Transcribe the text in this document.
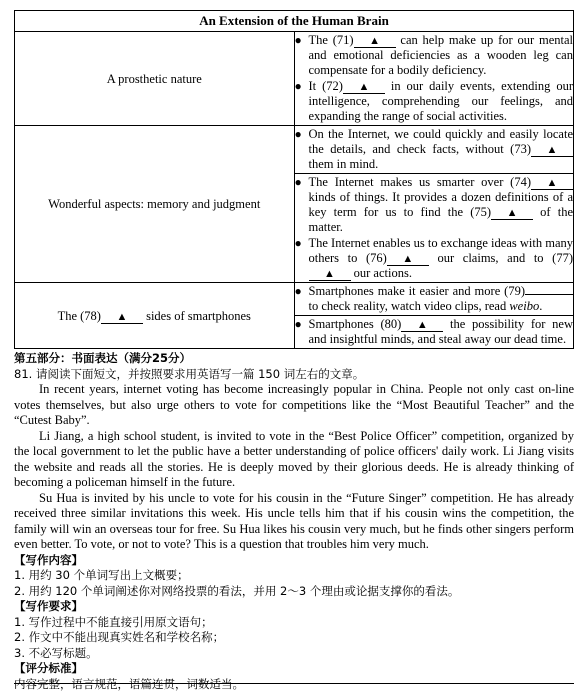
An Extension of the Human Brain	
A prosthetic nature	● The (71) ▲ can help make up for our mental and emotional deficiencies as a wooden leg can compensate for a bodily deficiency.
● It (72) ▲ in our daily events, extending our intelligence, comprehending our feelings, and expanding the range of social activities.

Wonderful aspects: memory and judgment	● On the Internet, we could quickly and easily locate the details, and check facts, without (73) ▲ them in mind.

	● The Internet makes us smarter over (74) ▲ kinds of things. It provides a dozen definitions of a key term for us to find the (75) ▲ of the matter.
● The Internet enables us to exchange ideas with many others to (76) ▲ our claims, and to (77)▲ our actions.

The (78) ▲ sides of smartphones	● Smartphones make it easier and more (79) to check reality, watch video clips, read weibo.

	● Smartphones (80) ▲ the possibility for new and insightful minds, and steal away our dead time.
第五部分：书面表达（满分25分）
81. 请阅读下面短文，并按照要求用英语写一篇 150 词左右的文章。
In recent years, internet voting has become increasingly popular in China. People not only cast on-line votes themselves, but also urge others to vote for competitions like the “Most Beautiful Teacher” and the “Cutest Baby”.
Li Jiang, a high school student, is invited to vote in the “Best Police Officer” competition, organized by the local government to let the public have a better understanding of police officers' daily work. Li Jiang visits the website and reads all the stories. He is deeply moved by their glorious deeds. He is already thinking of becoming a policeman himself in the future.
Su Hua is invited by his uncle to vote for his cousin in the “Future Singer” competition. He has already received three similar invitations this week. His uncle tells him that if his cousin wins the competition, the family will win an overseas tour for free. Su Hua likes his cousin very much, but he finds other singers perform even better. To vote, or not to vote? This is a question that troubles him very much.
【写作内容】
1. 用约 30 个单词写出上文概要；
2. 用约 120 个单词阐述你对网络投票的看法，并用 2～3 个理由或论据支撑你的看法。
【写作要求】
1. 写作过程中不能直接引用原文语句；
2. 作文中不能出现真实姓名和学校名称；
3. 不必写标题。
【评分标准】
内容完整，语言规范，语篇连贯，词数适当。
